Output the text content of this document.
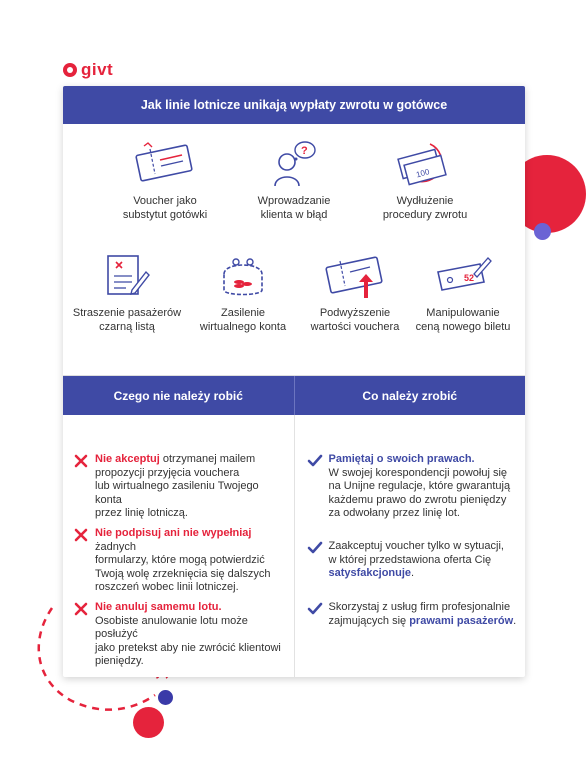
givt
Jak linie lotnicze unikają wypłaty zwrotu w gotówce
Voucher jako
substytut gotówki
?
Wprowadzanie
klienta w błąd
100
Wydłużenie
procedury zwrotu
Straszenie pasażerów
czarną listą
Zasilenie
wirtualnego konta
Podwyższenie
wartości vouchera
52
Manipulowanie
ceną nowego biletu
Czego nie należy robić	Co należy zrobić
Nie akceptuj otrzymanej mailem
propozycji przyjęcia vouchera
lub wirtualnego zasileniu Twojego konta
przez linię lotniczą.
Nie podpisuj ani nie wypełniaj żadnych
formularzy, które mogą potwierdzić
Twoją wolę zrzeknięcia się dalszych
roszczeń wobec linii lotniczej.
Nie anuluj samemu lotu.
Osobiste anulowanie lotu może posłużyć
jako pretekst aby nie zwrócić klientowi
pieniędzy.
Pamiętaj o swoich prawach.
W swojej korespondencji powołuj się
na Unijne regulacje, które gwarantują
każdemu prawo do zwrotu pieniędzy
za odwołany przez linię lot.
Zaakceptuj voucher tylko w sytuacji,
w której przedstawiona oferta Cię
satysfakcjonuje.
Skorzystaj z usług firm profesjonalnie
zajmujących się prawami pasażerów.
